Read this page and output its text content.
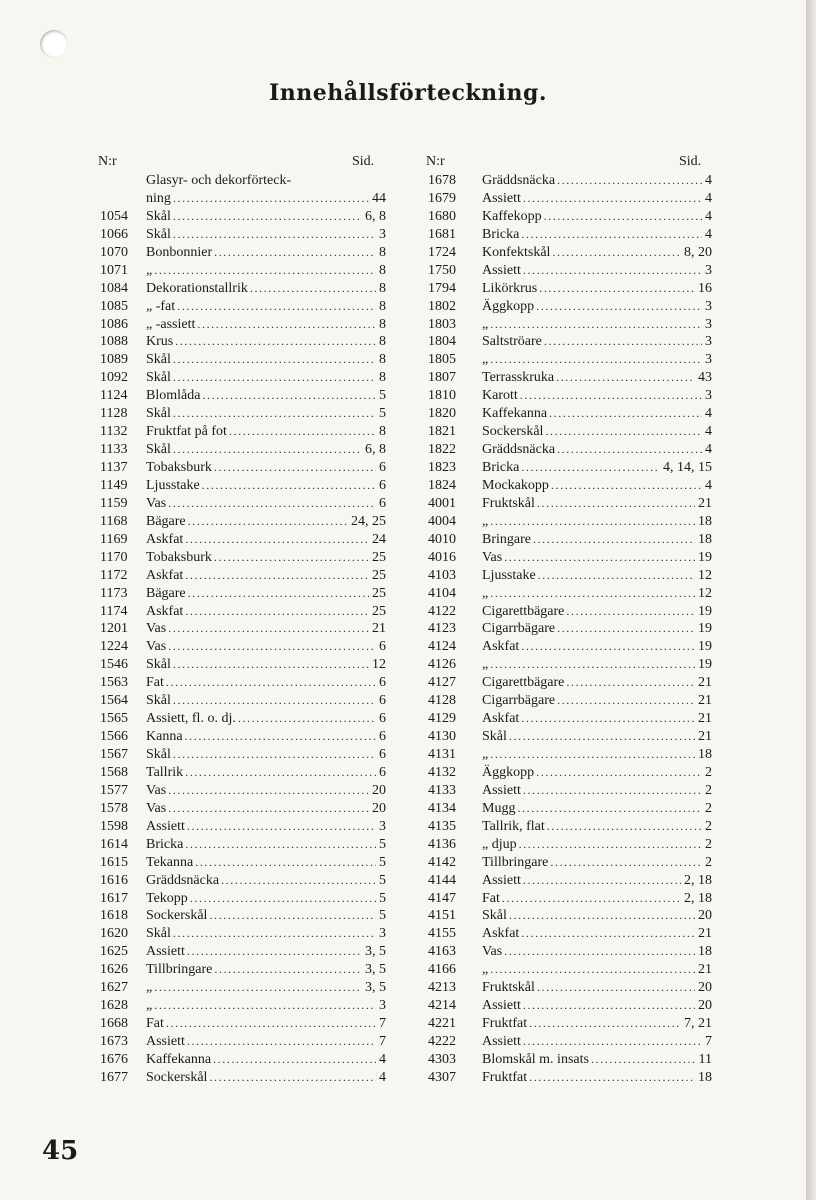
Innehållsförteckning.
N:r	Sid.	N:r	Sid.
Glasyr- och dekorförteck-
ning .....	44
1054	Skål .....	6, 8
1066	Skål .....	3
1070	Bonbonnier .....	8
1071	„ .....	8
1084	Dekorationstallrik .....	8
1085	„ -fat .....	8
1086	„ -assiett .....	8
1088	Krus .....	8
1089	Skål .....	8
1092	Skål .....	8
1124	Blomlåda .....	5
1128	Skål .....	5
1132	Fruktfat på fot .....	8
1133	Skål .....	6, 8
1137	Tobaksburk .....	6
1149	Ljusstake .....	6
1159	Vas .....	6
1168	Bägare .....	24, 25
1169	Askfat .....	24
1170	Tobaksburk .....	25
1172	Askfat .....	25
1173	Bägare .....	25
1174	Askfat .....	25
1201	Vas .....	21
1224	Vas .....	6
1546	Skål .....	12
1563	Fat .....	6
1564	Skål .....	6
1565	Assiett, fl. o. dj. .....	6
1566	Kanna .....	6
1567	Skål .....	6
1568	Tallrik .....	6
1577	Vas .....	20
1578	Vas .....	20
1598	Assiett .....	3
1614	Bricka .....	5
1615	Tekanna .....	5
1616	Gräddsnäcka .....	5
1617	Tekopp .....	5
1618	Sockerskål .....	5
1620	Skål .....	3
1625	Assiett .....	3, 5
1626	Tillbringare .....	3, 5
1627	„ .....	3, 5
1628	„ .....	3
1668	Fat .....	7
1673	Assiett .....	7
1676	Kaffekanna .....	4
1677	Sockerskål .....	4
1678	Gräddsnäcka .....	4
1679	Assiett .....	4
1680	Kaffekopp .....	4
1681	Bricka .....	4
1724	Konfektskål .....	8, 20
1750	Assiett .....	3
1794	Likörkrus .....	16
1802	Äggkopp .....	3
1803	„ .....	3
1804	Saltströare .....	3
1805	„ .....	3
1807	Terrasskruka .....	43
1810	Karott .....	3
1820	Kaffekanna .....	4
1821	Sockerskål .....	4
1822	Gräddsnäcka .....	4
1823	Bricka .....	4, 14, 15
1824	Mockakopp .....	4
4001	Fruktskål .....	21
4004	„ .....	18
4010	Bringare .....	18
4016	Vas .....	19
4103	Ljusstake .....	12
4104	„ .....	12
4122	Cigarettbägare .....	19
4123	Cigarrbägare .....	19
4124	Askfat .....	19
4126	„ .....	19
4127	Cigarettbägare .....	21
4128	Cigarrbägare .....	21
4129	Askfat .....	21
4130	Skål .....	21
4131	„ .....	18
4132	Äggkopp .....	2
4133	Assiett .....	2
4134	Mugg .....	2
4135	Tallrik, flat .....	2
4136	„ djup .....	2
4142	Tillbringare .....	2
4144	Assiett .....	2, 18
4147	Fat .....	2, 18
4151	Skål .....	20
4155	Askfat .....	21
4163	Vas .....	18
4166	„ .....	21
4213	Fruktskål .....	20
4214	Assiett .....	20
4221	Fruktfat .....	7, 21
4222	Assiett .....	7
4303	Blomskål m. insats .....	11
4307	Fruktfat .....	18
45
